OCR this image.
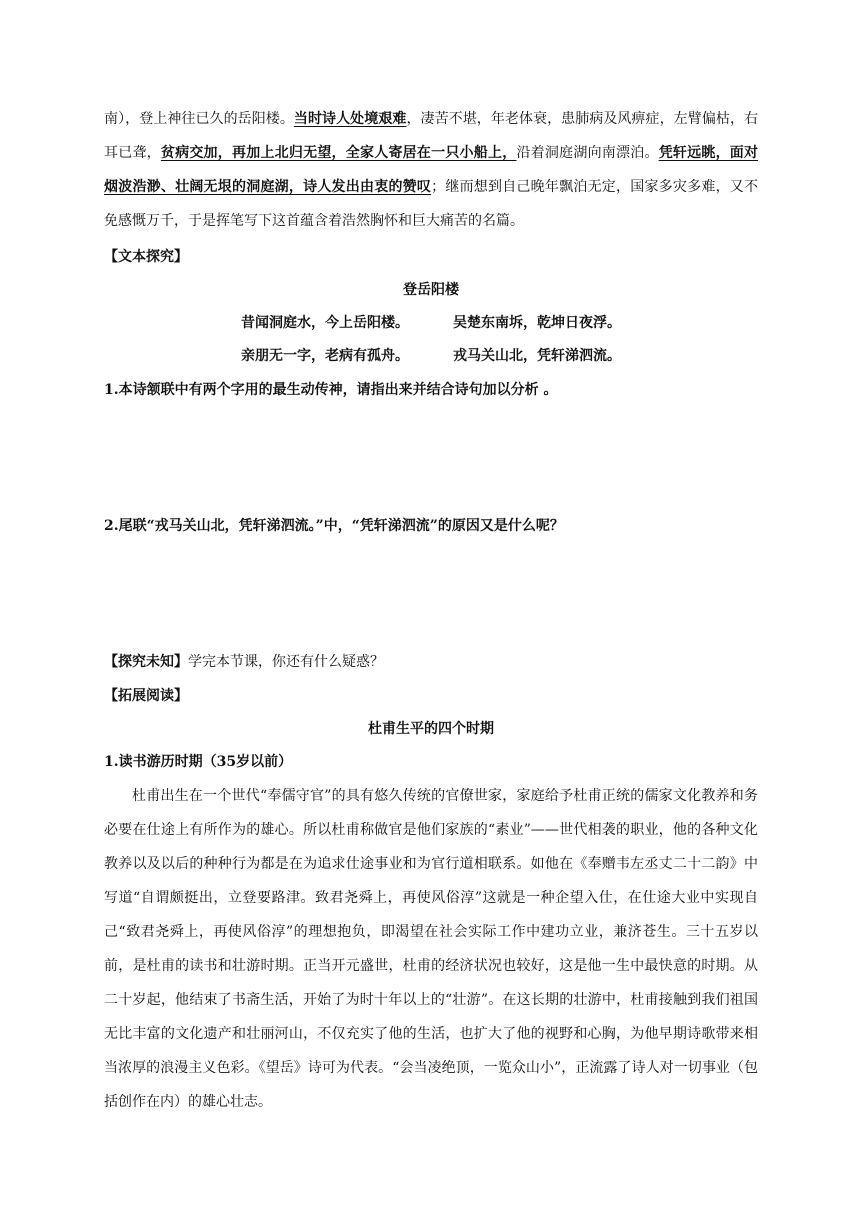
南），登上神往已久的岳阳楼。当时诗人处境艰难，凄苦不堪，年老体衰，患肺病及风痹症，左臂偏枯，右耳已聋，贫病交加，再加上北归无望，全家人寄居在一只小船上，沿着洞庭湖向南漂泊。凭轩远眺，面对烟波浩渺、壮阔无垠的洞庭湖，诗人发出由衷的赞叹；继而想到自己晚年飘泊无定，国家多灾多难，又不免感慨万千，于是挥笔写下这首蕴含着浩然胸怀和巨大痛苦的名篇。

【文本探究】
登岳阳楼
昔闻洞庭水，今上岳阳楼。	吴楚东南坼，乾坤日夜浮。
亲朋无一字，老病有孤舟。	戎马关山北，凭轩涕泗流。
1.本诗颔联中有两个字用的最生动传神，请指出来并结合诗句加以分析 。
2.尾联“戎马关山北，凭轩涕泗流。”中，“凭轩涕泗流”的原因又是什么呢？
【探究未知】学完本节课，你还有什么疑惑？
【拓展阅读】
杜甫生平的四个时期
1.读书游历时期（35岁以前）

杜甫出生在一个世代“奉儒守官”的具有悠久传统的官僚世家，家庭给予杜甫正统的儒家文化教养和务必要在仕途上有所作为的雄心。所以杜甫称做官是他们家族的“素业”——世代相袭的职业，他的各种文化教养以及以后的种种行为都是在为追求仕途事业和为官行道相联系。如他在《奉赠韦左丞丈二十二韵》中写道“自谓颇挺出，立登要路津。致君尧舜上，再使风俗淳”这就是一种企望入仕，在仕途大业中实现自己“致君尧舜上，再使风俗淳”的理想抱负，即渴望在社会实际工作中建功立业，兼济苍生。三十五岁以前，是杜甫的读书和壮游时期。正当开元盛世，杜甫的经济状况也较好，这是他一生中最快意的时期。从二十岁起，他结束了书斋生活，开始了为时十年以上的“壮游”。在这长期的壮游中，杜甫接触到我们祖国无比丰富的文化遗产和壮丽河山，不仅充实了他的生活，也扩大了他的视野和心胸，为他早期诗歌带来相当浓厚的浪漫主义色彩。《望岳》诗可为代表。“会当凌绝顶，一览众山小”，正流露了诗人对一切事业（包括创作在内）的雄心壮志。
